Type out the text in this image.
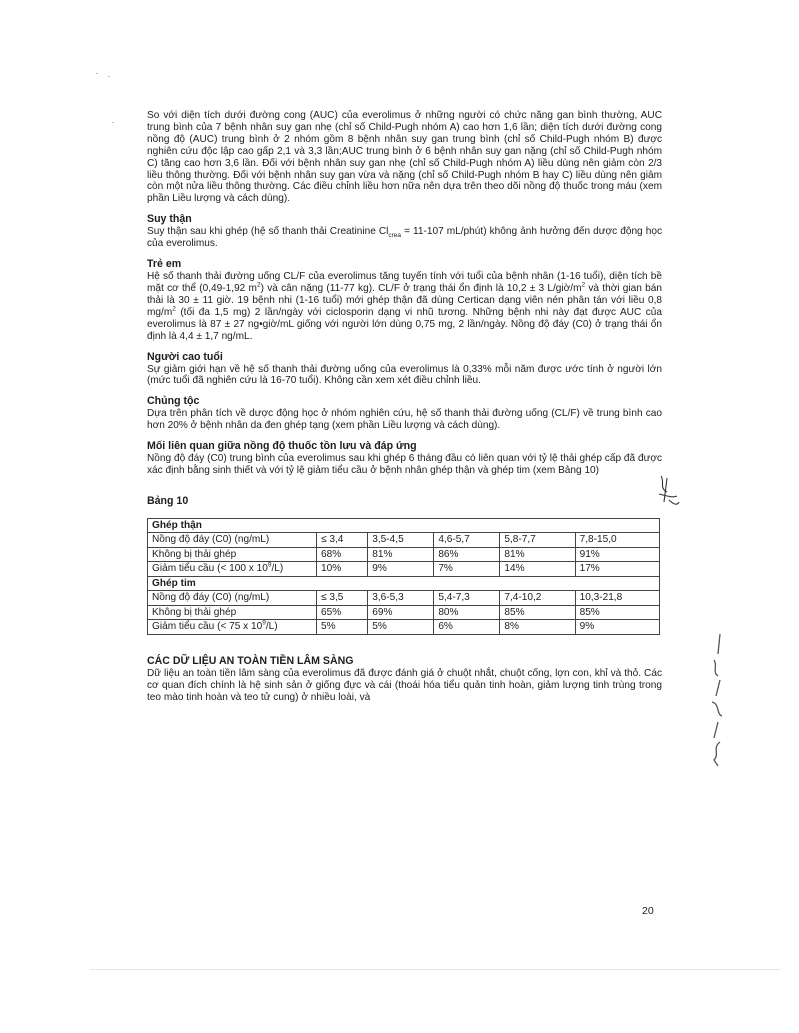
So với diện tích dưới đường cong (AUC) của everolimus ở những người có chức năng gan bình thường, AUC trung bình của 7 bệnh nhân suy gan nhẹ (chỉ số Child-Pugh nhóm A) cao hơn 1,6 lần; diện tích dưới đường cong nồng độ (AUC) trung bình ở 2 nhóm gồm 8 bệnh nhân suy gan trung bình (chỉ số Child-Pugh nhóm B) được nghiên cứu độc lập cao gấp 2,1 và 3,3 lần;AUC trung bình ở 6 bệnh nhân suy gan nặng (chỉ số Child-Pugh nhóm C) tăng cao hơn 3,6 lần. Đối với bệnh nhân suy gan nhẹ (chỉ số Child-Pugh nhóm A) liều dùng nên giảm còn 2/3 liều thông thường. Đối với bệnh nhân suy gan vừa và nặng (chỉ số Child-Pugh nhóm B hay C) liều dùng nên giảm còn một nửa liều thông thường. Các điều chỉnh liều hơn nữa nên dựa trên theo dõi nồng độ thuốc trong máu (xem phần Liều lượng và cách dùng).

Suy thận

Suy thận sau khi ghép (hệ số thanh thải Creatinine $Cl_{crea} = 11-107$ mL/phút) không ảnh hưởng đến dược động học của everolimus.

Trẻ em

Hệ số thanh thải đường uống CL/F của everolimus tăng tuyến tính với tuổi của bệnh nhân (1-16 tuổi), diện tích bề mặt cơ thể (0,49-1,92 $m^2$) và cân nặng (11-77 kg). CL/F ở trạng thái ổn định là 10,2 ± 3 $L/giờ/m^2$ và thời gian bán thải là 30 ± 11 giờ. 19 bệnh nhi (1-16 tuổi) mới ghép thận đã dùng Certican dạng viên nén phân tán với liều 0,8 $mg/m^2$ (tối đa 1,5 mg) 2 lần/ngày với ciclosporin dạng vi nhũ tương. Những bệnh nhi này đạt được AUC của everolimus là 87 ± 27 ng•giờ/mL giống với người lớn dùng 0,75 mg, 2 lần/ngày. Nồng độ đáy (C0) ở trạng thái ổn định là 4,4 ± 1,7 ng/mL.

Người cao tuổi

Sự giảm giới hạn về hệ số thanh thải đường uống của everolimus là 0,33% mỗi năm được ước tính ở người lớn (mức tuổi đã nghiên cứu là 16-70 tuổi). Không cần xem xét điều chỉnh liều.

Chủng tộc

Dựa trên phân tích về dược động học ở nhóm nghiên cứu, hệ số thanh thải đường uống (CL/F) về trung bình cao hơn 20% ở bệnh nhân da đen ghép tạng (xem phần Liều lượng và cách dùng).

Mối liên quan giữa nồng độ thuốc tồn lưu và đáp ứng

Nồng độ đáy (C0) trung bình của everolimus sau khi ghép 6 tháng đầu có liên quan với tỷ lệ thải ghép cấp đã được xác định bằng sinh thiết và với tỷ lệ giảm tiểu cầu ở bệnh nhân ghép thận và ghép tim (xem Bảng 10)

Bảng 10
Ghép thận					
Nồng độ đáy (C0) (ng/mL)	≤ 3,4	3,5-4,5	4,6-5,7	5,8-7,7	7,8-15,0
Không bị thải ghép	68%	81%	86%	81%	91%
Giảm tiểu cầu (< 100 x $10^9/L$)	10%	9%	7%	14%	17%
Ghép tim					
Nồng độ đáy (C0) (ng/mL)	≤ 3,5	3,6-5,3	5,4-7,3	7,4-10,2	10,3-21,8
Không bị thải ghép	65%	69%	80%	85%	85%
Giảm tiểu cầu (< 75 x $10^9/L$)	5%	5%	6%	8%	9%
CÁC DỮ LIỆU AN TOÀN TIỀN LÂM SÀNG

Dữ liệu an toàn tiền lâm sàng của everolimus đã được đánh giá ở chuột nhắt, chuột cống, lợn con, khỉ và thỏ. Các cơ quan đích chính là hệ sinh sản ở giống đực và cái (thoái hóa tiểu quản tinh hoàn, giảm lượng tinh trùng trong teo mào tinh hoàn và teo tử cung) ở nhiều loài, và

20
